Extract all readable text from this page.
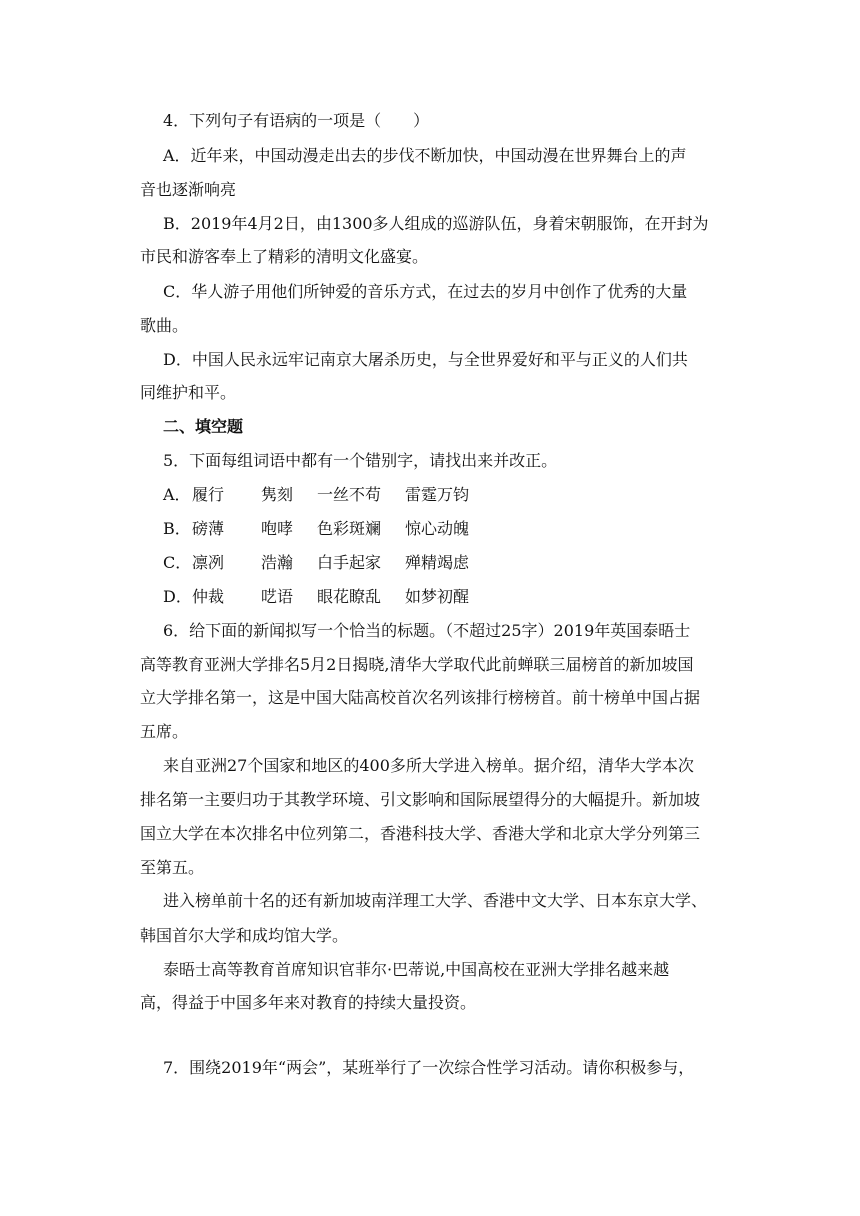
4．下列句子有语病的一项是（　　）
A．近年来，中国动漫走出去的步伐不断加快，中国动漫在世界舞台上的声
音也逐渐响亮
B．2019年4月2日，由1300多人组成的巡游队伍，身着宋朝服饰，在开封为
市民和游客奉上了精彩的清明文化盛宴。
C．华人游子用他们所钟爱的音乐方式，在过去的岁月中创作了优秀的大量
歌曲。
D．中国人民永远牢记南京大屠杀历史，与全世界爱好和平与正义的人们共
同维护和平。
二、填空题
5．下面每组词语中都有一个错别字，请找出来并改正。
A．履行 隽刻 一丝不苟 雷霆万钧
B．磅薄 咆哮 色彩斑斓 惊心动魄
C．凛冽 浩瀚 白手起家 殚精竭虑
D．仲裁 呓语 眼花瞭乱 如梦初醒
6．给下面的新闻拟写一个恰当的标题。（不超过25字）2019年英国泰晤士
高等教育亚洲大学排名5月2日揭晓,清华大学取代此前蝉联三届榜首的新加坡国
立大学排名第一，这是中国大陆高校首次名列该排行榜榜首。前十榜单中国占据
五席。
来自亚洲27个国家和地区的400多所大学进入榜单。据介绍，清华大学本次
排名第一主要归功于其教学环境、引文影响和国际展望得分的大幅提升。新加坡
国立大学在本次排名中位列第二，香港科技大学、香港大学和北京大学分列第三
至第五。
进入榜单前十名的还有新加坡南洋理工大学、香港中文大学、日本东京大学、
韩国首尔大学和成均馆大学。
泰晤士高等教育首席知识官菲尔·巴蒂说,中国高校在亚洲大学排名越来越
高，得益于中国多年来对教育的持续大量投资。
7．围绕2019年“两会”，某班举行了一次综合性学习活动。请你积极参与，
